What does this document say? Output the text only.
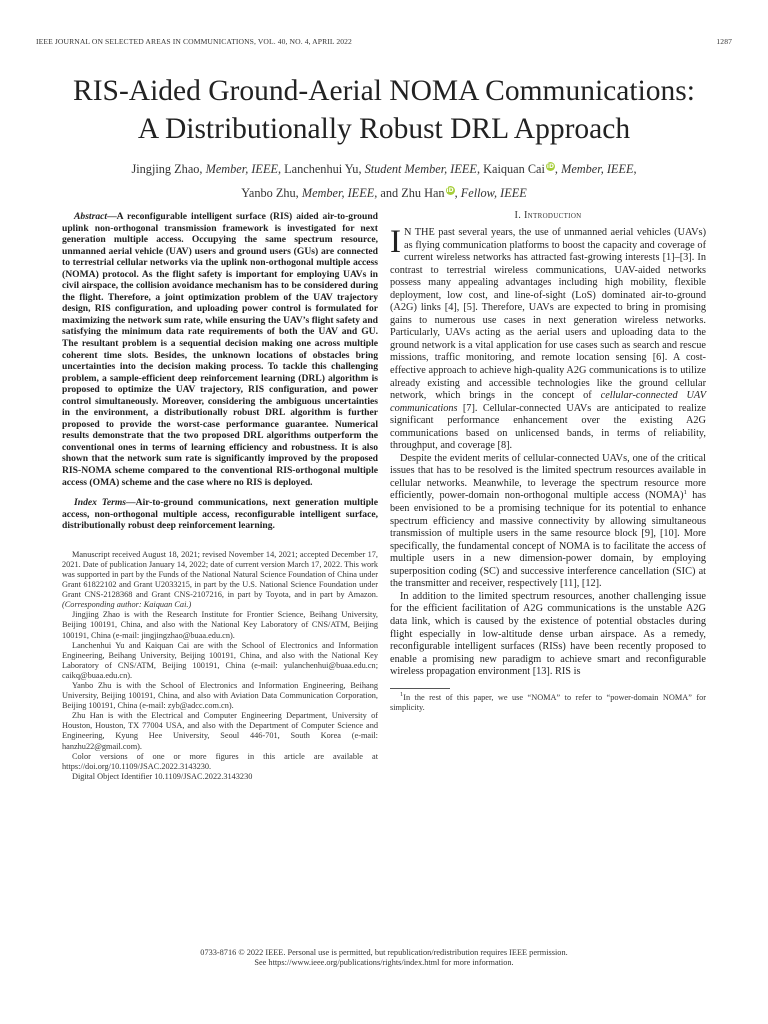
IEEE JOURNAL ON SELECTED AREAS IN COMMUNICATIONS, VOL. 40, NO. 4, APRIL 2022	1287
RIS-Aided Ground-Aerial NOMA Communications:
A Distributionally Robust DRL Approach
Jingjing Zhao, Member, IEEE, Lanchenhui Yu, Student Member, IEEE, Kaiquan Cai iD, Member, IEEE,
Yanbo Zhu, Member, IEEE, and Zhu Han iD, Fellow, IEEE

Abstract—A reconfigurable intelligent surface (RIS) aided air-to-ground uplink non-orthogonal transmission framework is investigated for next generation multiple access. Occupying the same spectrum resource, unmanned aerial vehicle (UAV) users and ground users (GUs) are connected to terrestrial cellular networks via the uplink non-orthogonal multiple access (NOMA) protocol. As the flight safety is important for employing UAVs in civil airspace, the collision avoidance mechanism has to be considered during the flight. Therefore, a joint optimization problem of the UAV trajectory design, RIS configuration, and uploading power control is formulated for maximizing the network sum rate, while ensuring the UAV’s flight safety and satisfying the minimum data rate requirements of both the UAV and GU. The resultant problem is a sequential decision making one across multiple coherent time slots. Besides, the unknown locations of obstacles bring uncertainties into the decision making process. To tackle this challenging problem, a sample-efficient deep reinforcement learning (DRL) algorithm is proposed to optimize the UAV trajectory, RIS configuration, and power control simultaneously. Moreover, considering the ambiguous uncertainties in the environment, a distributionally robust DRL algorithm is further proposed to provide the worst-case performance guarantee. Numerical results demonstrate that the two proposed DRL algorithms outperform the conventional ones in terms of learning efficiency and robustness. It is also shown that the network sum rate is significantly improved by the proposed RIS-NOMA scheme compared to the conventional RIS-orthogonal multiple access (OMA) scheme and the case where no RIS is deployed.

Index Terms—Air-to-ground communications, next generation multiple access, non-orthogonal multiple access, reconfigurable intelligent surface, distributionally robust deep reinforcement learning.

Manuscript received August 18, 2021; revised November 14, 2021; accepted December 17, 2021. Date of publication January 14, 2022; date of current version March 17, 2022. This work was supported in part by the Funds of the National Natural Science Foundation of China under Grant 61822102 and Grant U2033215, in part by the U.S. National Science Foundation under Grant CNS-2128368 and Grant CNS-2107216, in part by Toyota, and in part by Amazon. (Corresponding author: Kaiquan Cai.)

Jingjing Zhao is with the Research Institute for Frontier Science, Beihang University, Beijing 100191, China, and also with the National Key Laboratory of CNS/ATM, Beijing 100191, China (e-mail: jingjingzhao@buaa.edu.cn).

Lanchenhui Yu and Kaiquan Cai are with the School of Electronics and Information Engineering, Beihang University, Beijing 100191, China, and also with the National Key Laboratory of CNS/ATM, Beijing 100191, China (e-mail: yulanchenhui@buaa.edu.cn; caikq@buaa.edu.cn).

Yanbo Zhu is with the School of Electronics and Information Engineering, Beihang University, Beijing 100191, China, and also with Aviation Data Communication Corporation, Beijing 100191, China (e-mail: zyb@adcc.com.cn).

Zhu Han is with the Electrical and Computer Engineering Department, University of Houston, Houston, TX 77004 USA, and also with the Department of Computer Science and Engineering, Kyung Hee University, Seoul 446-701, South Korea (e-mail: hanzhu22@gmail.com).

Color versions of one or more figures in this article are available at https://doi.org/10.1109/JSAC.2022.3143230.

Digital Object Identifier 10.1109/JSAC.2022.3143230

I. Introduction

I N THE past several years, the use of unmanned aerial vehicles (UAVs) as flying communication platforms to boost the capacity and coverage of current wireless networks has attracted fast-growing interests [1]–[3]. In contrast to terrestrial wireless communications, UAV-aided networks possess many appealing advantages including high mobility, flexible deployment, low cost, and line-of-sight (LoS) dominated air-to-ground (A2G) links [4], [5]. Therefore, UAVs are expected to bring in promising gains to numerous use cases in next generation wireless networks. Particularly, UAVs acting as the aerial users and uploading data to the ground network is a vital application for use cases such as search and rescue missions, traffic monitoring, and remote location sensing [6]. A cost-effective approach to achieve high-quality A2G communications is to utilize already existing and accessible technologies like the ground cellular network, which brings in the concept of cellular-connected UAV communications [7]. Cellular-connected UAVs are anticipated to realize significant performance enhancement over the existing A2G communications based on unlicensed bands, in terms of reliability, throughput, and coverage [8].

Despite the evident merits of cellular-connected UAVs, one of the critical issues that has to be resolved is the limited spectrum resources available in cellular networks. Meanwhile, to leverage the spectrum resource more efficiently, power-domain non-orthogonal multiple access (NOMA)$^1$ has been envisioned to be a promising technique for its potential to enhance spectrum efficiency and massive connectivity by allowing simultaneous transmission of multiple users in the same resource block [9], [10]. More specifically, the fundamental concept of NOMA is to facilitate the access of multiple users in a new dimension-power domain, by employing superposition coding (SC) and successive interference cancellation (SIC) at the transmitter and receiver, respectively [11], [12].

In addition to the limited spectrum resources, another challenging issue for the efficient facilitation of A2G communications is the unstable A2G data link, which is caused by the existence of potential obstacles during flight especially in low-altitude dense urban airspace. As a remedy, reconfigurable intelligent surfaces (RISs) have been recently proposed to enable a promising new paradigm to achieve smart and reconfigurable wireless propagation environment [13]. RIS is

$^1$In the rest of this paper, we use “NOMA” to refer to “power-domain NOMA” for simplicity.

0733-8716 © 2022 IEEE. Personal use is permitted, but republication/redistribution requires IEEE permission.

See https://www.ieee.org/publications/rights/index.html for more information.
